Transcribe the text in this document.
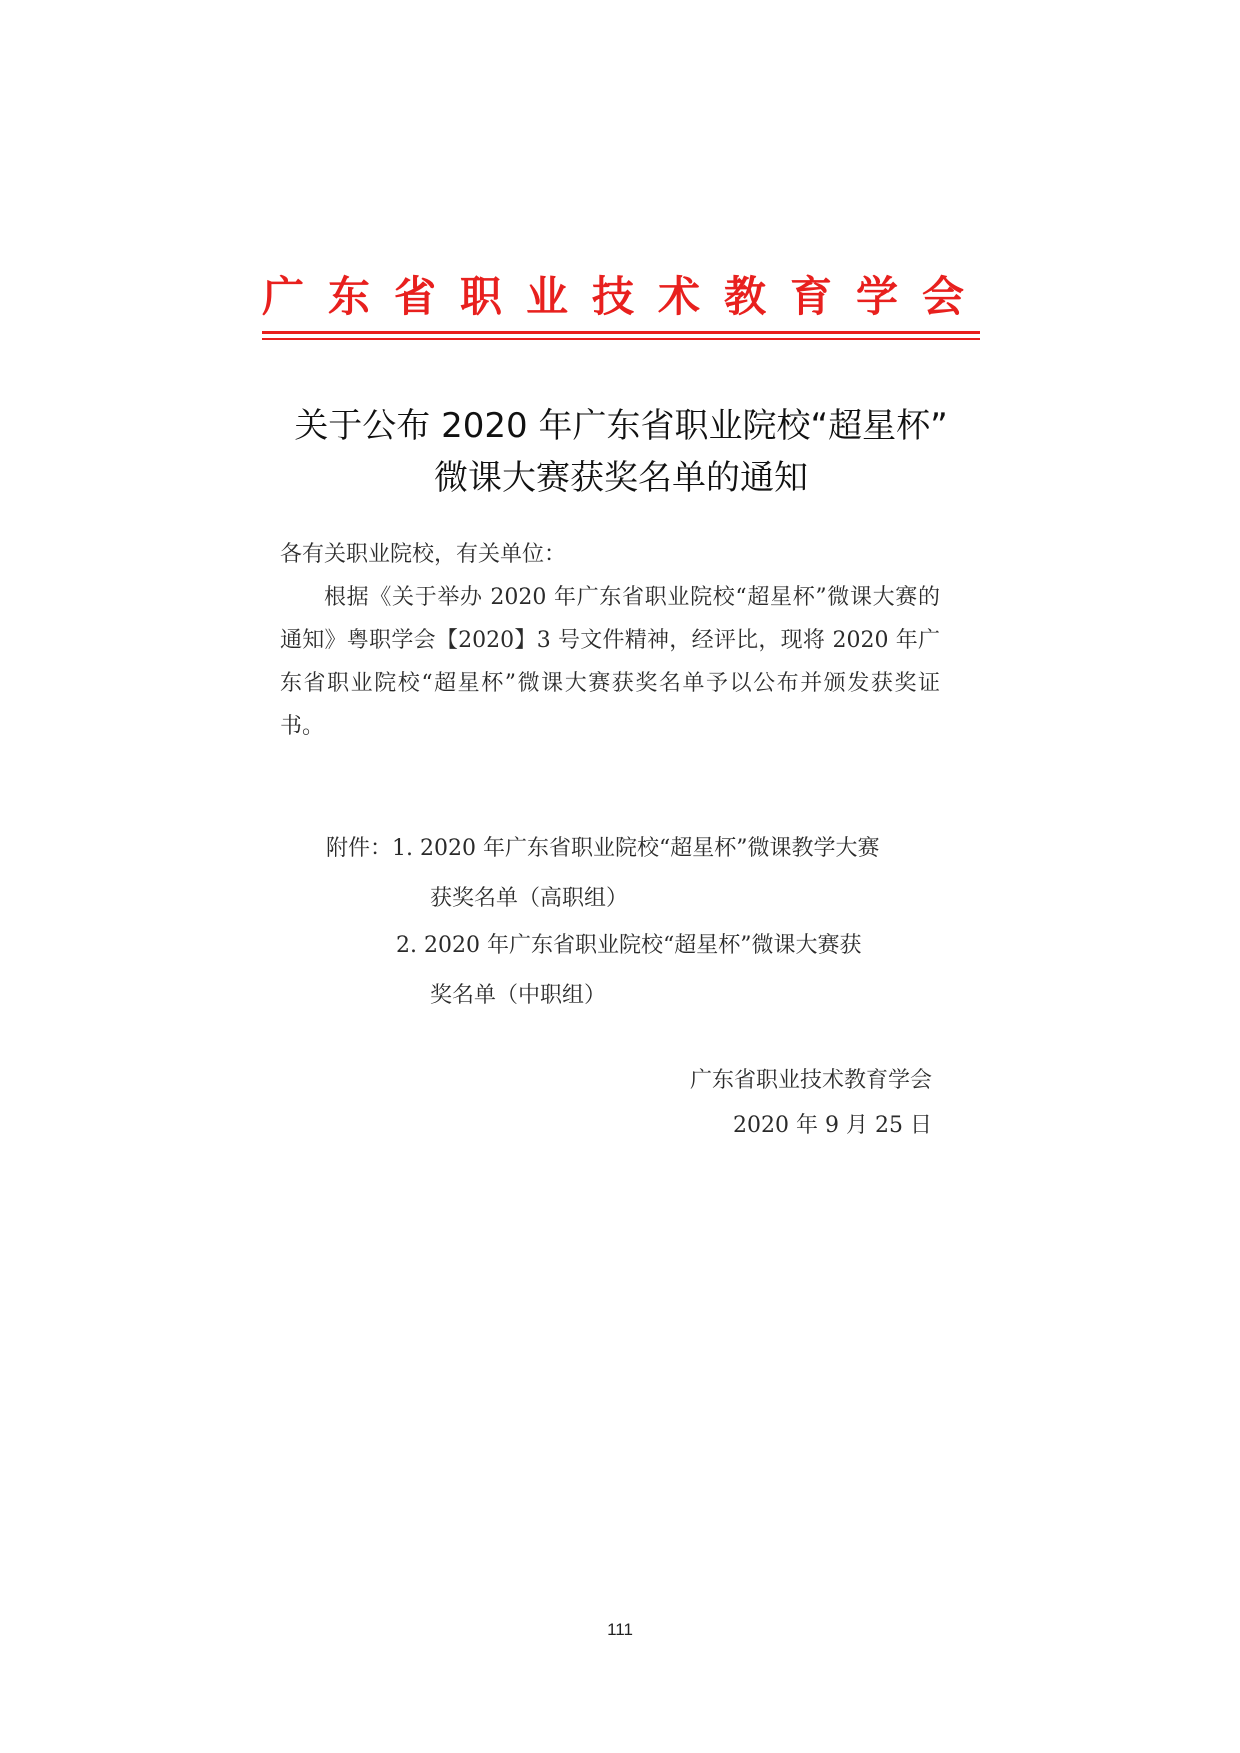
广东省职业技术教育学会
关于公布 2020 年广东省职业院校“超星杯”
微课大赛获奖名单的通知
各有关职业院校，有关单位：
根据《关于举办 2020 年广东省职业院校“超星杯”微课大赛的通知》粤职学会【2020】3 号文件精神，经评比，现将 2020 年广东省职业院校“超星杯”微课大赛获奖名单予以公布并颁发获奖证书。
附件：1. 2020 年广东省职业院校“超星杯”微课教学大赛
获奖名单（高职组）
2. 2020 年广东省职业院校“超星杯”微课大赛获
奖名单（中职组）
广东省职业技术教育学会
2020 年 9 月 25 日
111
